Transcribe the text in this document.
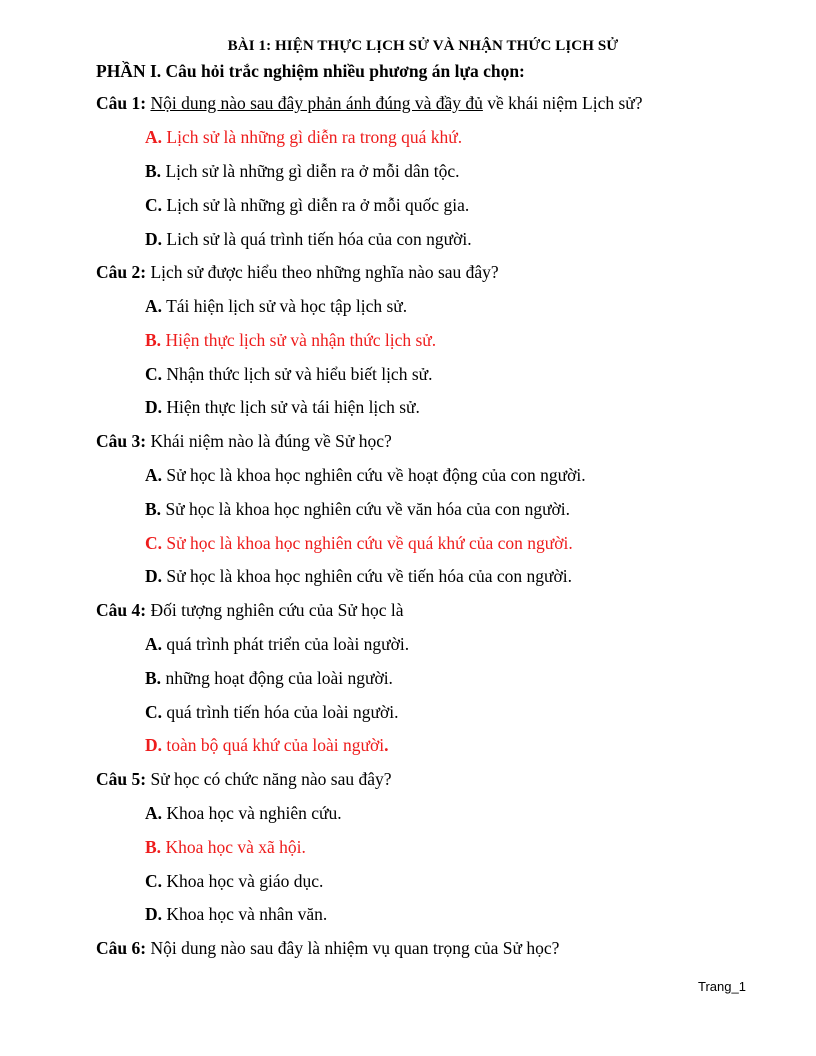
BÀI 1: HIỆN THỰC LỊCH SỬ VÀ NHẬN THỨC LỊCH SỬ
PHẦN I. Câu hỏi trắc nghiệm nhiều phương án lựa chọn:
Câu 1: Nội dung nào sau đây phản ánh đúng và đầy đủ về khái niệm Lịch sử?
A. Lịch sử là những gì diễn ra trong quá khứ.
B. Lịch sử là những gì diễn ra ở mỗi dân tộc.
C. Lịch sử là những gì diễn ra ở mỗi quốc gia.
D. Lich sử là quá trình tiến hóa của con người.
Câu 2: Lịch sử được hiểu theo những nghĩa nào sau đây?
A. Tái hiện lịch sử và học tập lịch sử.
B. Hiện thực lịch sử và nhận thức lịch sử.
C. Nhận thức lịch sử và hiểu biết lịch sử.
D. Hiện thực lịch sử và tái hiện lịch sử.
Câu 3: Khái niệm nào là đúng về Sử học?
A. Sử học là khoa học nghiên cứu về hoạt động của con người.
B. Sử học là khoa học nghiên cứu về văn hóa của con người.
C. Sử học là khoa học nghiên cứu về quá khứ của con người.
D. Sử học là khoa học nghiên cứu về tiến hóa của con người.
Câu 4: Đối tượng nghiên cứu của Sử học là
A. quá trình phát triển của loài người.
B. những hoạt động của loài người.
C. quá trình tiến hóa của loài người.
D. toàn bộ quá khứ của loài người.
Câu 5: Sử học có chức năng nào sau đây?
A. Khoa học và nghiên cứu.
B. Khoa học và xã hội.
C. Khoa học và giáo dục.
D. Khoa học và nhân văn.
Câu 6: Nội dung nào sau đây là nhiệm vụ quan trọng của Sử học?
Trang_1
